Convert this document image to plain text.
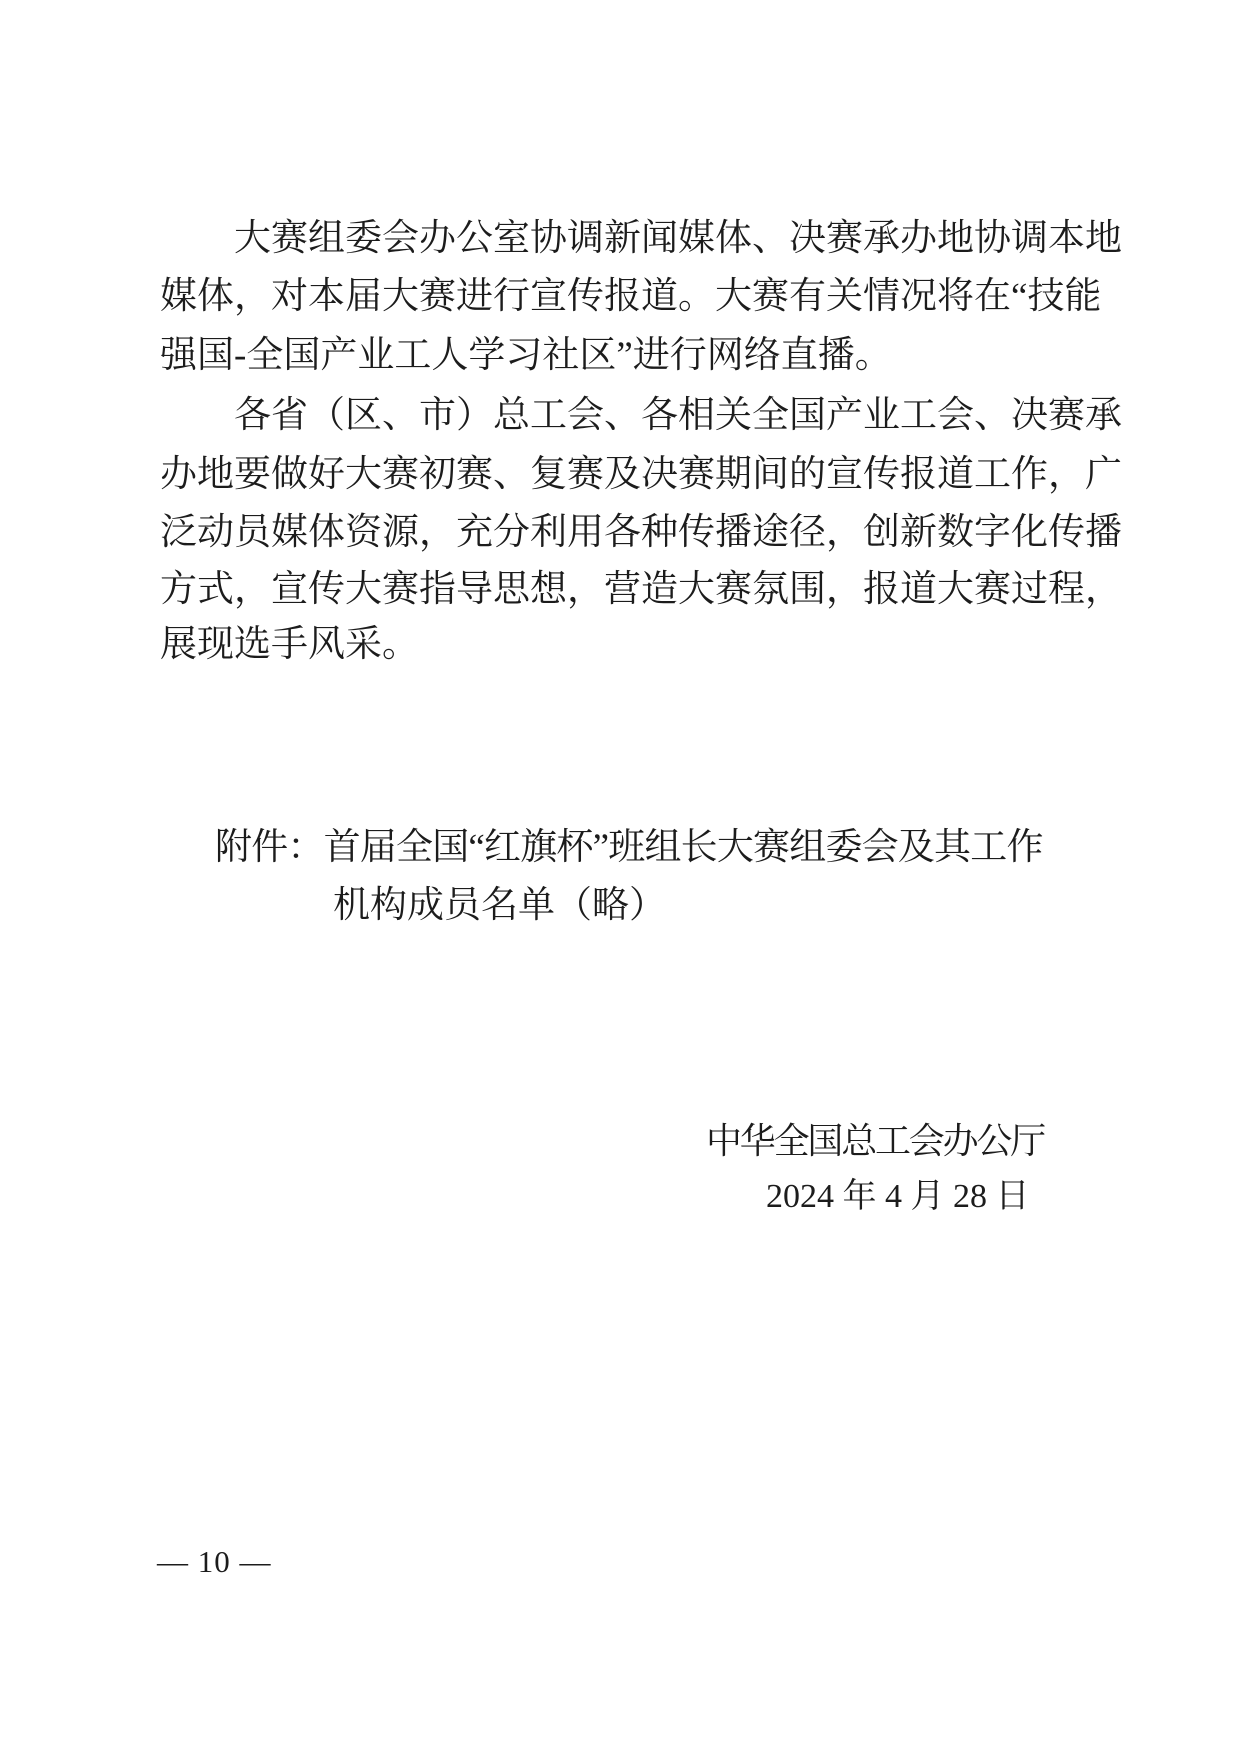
大 赛 组 委 会 办 公 室 协 调 新 闻 媒 体 、 决 赛 承 办 地 协 调 本 地
媒 体 ， 对 本 届 大 赛 进 行 宣 传 报 道 。 大 赛 有 关 情 况 将 在 “ 技 能
强国-全国产业工人学习社区”进行网络直播。
各 省 （ 区 、 市 ） 总 工 会 、 各 相 关 全 国 产 业 工 会 、 决 赛 承
办 地 要 做 好 大 赛 初 赛 、 复 赛 及 决 赛 期 间 的 宣 传 报 道 工 作 ， 广
泛 动 员 媒 体 资 源 ， 充 分 利 用 各 种 传 播 途 径 ， 创 新 数 字 化 传 播
方 式 ， 宣 传 大 赛 指 导 思 想 ， 营 造 大 赛 氛 围 ， 报 道 大 赛 过 程 ，
展现选手风采。
附件：首届全国“红旗杯”班组长大赛组委会及其工作
机构成员名单（略）
中华全国总工会办公厅
2024 年 4 月 28 日
— 10 —
